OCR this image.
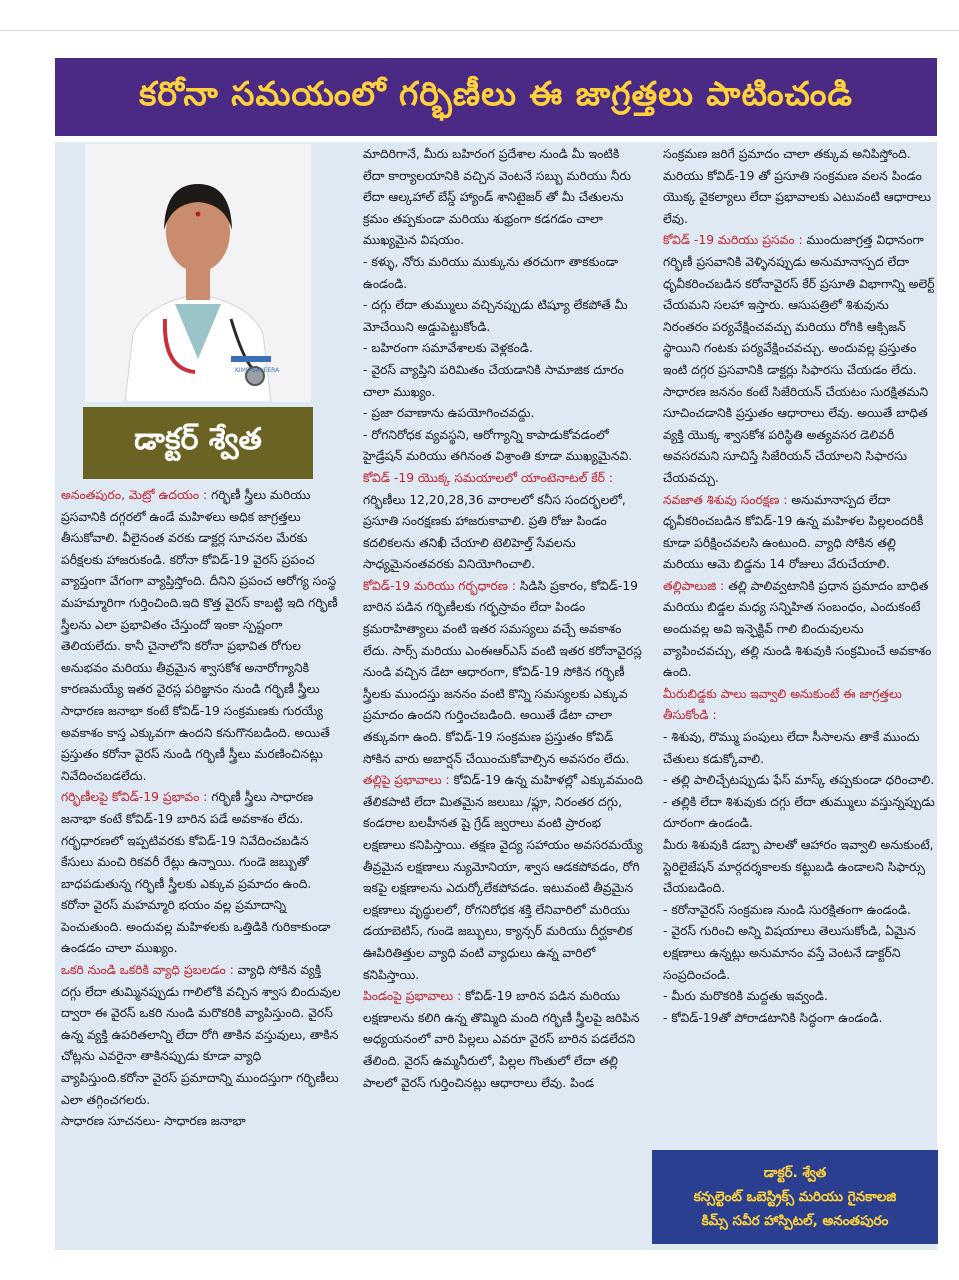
కరోనా సమయంలో గర్భిణీలు ఈ జాగ్రత్తలు పాటించండి
KIMS-SAVEERA
డాక్టర్ శ్వేత

అనంతపురం, మెట్రో ఉదయం : గర్భిణీ స్త్రీలు మరియు ప్రసవానికి దగ్గరలో ఉండే మహిళలు అధిక జాగ్రత్తలు తీసుకోవాలి. వీలైనంత వరకు డాక్టర్ల సూచనల మేరకు పరీక్షలకు హాజరుకండి. కరోనా కోవిడ్-19 వైరస్ ప్రపంచ వ్యాప్తంగా వేగంగా వ్యాప్తిస్తోంది. దీనిని ప్రపంచ ఆరోగ్య సంస్థ మహమ్మారిగా గుర్తించింది.ఇది కొత్త వైరస్ కాబట్టి ఇది గర్భిణీ స్త్రీలను ఎలా ప్రభావితం చేస్తుందో ఇంకా స్పష్టంగా తెలియలేదు. కానీ చైనాలోని కరోనా ప్రభావిత రోగుల అనుభవం మరియు తీవ్రమైన శ్వాసకోశ అనారోగ్యానికి కారణమయ్యే ఇతర వైరస్ల పరిజ్ఞానం నుండి గర్భిణీ స్త్రీలు సాధారణ జనాభా కంటే కోవిడ్-19 సంక్రమణకు గురయ్యే అవకాశం కాస్త ఎక్కువగా ఉందని కనుగొనబడింది. అయితే ప్రస్తుతం కరోనా వైరస్ నుండి గర్భిణీ స్త్రీలు మరణించినట్లు నివేదించబడలేదు.

గర్భిణీలపై కోవిడ్-19 ప్రభావం : గర్భిణీ స్త్రీలు సాధారణ జనాభా కంటే కోవిడ్-19 బారిన పడే అవకాశం లేదు. గర్భధారణలో ఇప్పటివరకు కోవిడ్-19 నివేదించబడిన కేసులు మంచి రికవరీ రేట్లు ఉన్నాయి. గుండె జబ్బుతో బాధపడుతున్న గర్భిణీ స్త్రీలకు ఎక్కువ ప్రమాదం ఉంది. కరోనా వైరస్ మహమ్మారి భయం వల్ల ప్రమాదాన్ని పెంచుతుంది. అందువల్ల మహిళలకు ఒత్తిడికి గురికాకుండా ఉండడం చాలా ముఖ్యం.

ఒకరి నుండి ఒకరికి వ్యాధి ప్రబలడం : వ్యాధి సోకిన వ్యక్తి దగ్గు లేదా తుమ్మినప్పుడు గాలిలోకి వచ్చిన శ్వాస బిందువుల ద్వారా ఈ వైరస్ ఒకరి నుండి మరొకరికి వ్యాపిస్తుంది. వైరస్ ఉన్న వ్యక్తి ఉపరితలాన్ని లేదా రోగి తాకిన వస్తువులు, తాకిన చోట్లను ఎవరైనా తాకినప్పుడు కూడా వ్యాధి వ్యాపిస్తుంది.కరోనా వైరస్ ప్రమాదాన్ని ముందస్తుగా గర్భిణీలు ఎలా తగ్గించగలరు.

సాధారణ సూచనలు- సాధారణ జనాభా

మాదిరిగానే, మీరు బహిరంగ ప్రదేశాల నుండి మీ ఇంటికి లేదా కార్యాలయానికి వచ్చిన వెంటనే సబ్బు మరియు నీరు లేదా ఆల్కహాల్ బేస్డ్ హ్యాండ్ శానిటైజర్ తో మీ చేతులను క్రమం తప్పకుండా మరియు శుభ్రంగా కడగడం చాలా ముఖ్యమైన విషయం.

- కళ్ళు, నోరు మరియు ముక్కును తరచుగా తాకకుండా ఉండండి.

- దగ్గు లేదా తుమ్ములు వచ్చినప్పుడు టిష్యూ లేకపోతే మీ మోచేయిని అడ్డుపెట్టుకోండి.

- బహిరంగా సమావేశాలకు వెళ్లకండి.

- వైరస్ వ్యాప్తిని పరిమితం చేయడానికి సామాజిక దూరం చాలా ముఖ్యం.

- ప్రజా రవాణాను ఉపయోగించవద్దు.

- రోగనిరోధక వ్యవస్థని, ఆరోగ్యాన్ని కాపాడుకోవడంలో హైడ్రేషన్ మరియు తగినంత విశ్రాంతి కూడా ముఖ్యమైనవి.

కోవిడ్ -19 యొక్క సమయాలలో యాంటెనాటల్ కేర్ : గర్భిణీలు 12,20,28,36 వారాలలో కనీస సందర్భలలో, ప్రసూతి సంరక్షణకు హాజరుకావాలి. ప్రతి రోజు పిండం కదలికలను తనిఖీ చేయాలి టెలిహెల్త్ సేవలను సాధ్యమైనంతవరకు వినియోగించాలి.

కోవిడ్-19 మరియు గర్భధారణ : సిడిసి ప్రకారం, కోవిడ్-19 బారిన పడిన గర్భిణీలకు గర్భస్రావం లేదా పిండం క్రమరాహిత్యాలు వంటి ఇతర సమస్యలు వచ్చే అవకాశం లేదు. సార్స్ మరియు ఎంఈఆర్ఎస్ వంటి ఇతర కరోనావైరస్ల నుండి వచ్చిన డేటా ఆధారంగా, కోవిడ్-19 సోకిన గర్భిణీ స్త్రీలకు ముందస్తు జననం వంటి కొన్ని సమస్యలకు ఎక్కువ ప్రమాదం ఉందని గుర్తించబడింది. అయితే డేటా చాలా తక్కువగా ఉంది. కోవిడ్-19 సంక్రమణ ప్రస్తుతం కోవిడ్ సోకిన వారు అబార్షన్ చేయించుకోవాల్సిన అవసరం లేదు.

తల్లిపై ప్రభావాలు : కోవిడ్-19 ఉన్న మహిళల్లో ఎక్కువమంది తేలికపాటి లేదా మితమైన జలుబు /ఫ్లూ, నిరంతర దగ్గు, కండరాల బలహీనత షై గ్రేడ్ జ్వరాలు వంటి ప్రారంభ లక్షణాలు కనిపిస్తాయి. తక్షణ వైద్య సహాయం అవసరమయ్యే తీవ్రమైన లక్షణాలు న్యుమోనియా, శ్వాస ఆడకపోవడం, రోగి ఇకపై లక్షణాలను ఎదుర్కోలేకపోవడం. ఇటువంటి తీవ్రమైన లక్షణాలు వృద్ధులలో, రోగనిరోధక శక్తి లేనివారిలో మరియు డయాబెటిస్, గుండె జబ్బులు, క్యాన్సర్ మరియు దీర్ఘకాలిక ఊపిరితిత్తుల వ్యాధి వంటి వ్యాధులు ఉన్న వారిలో కనిపిస్తాయి.

పిండంపై ప్రభావాలు : కోవిడ్-19 బారిన పడిన మరియు లక్షణాలను కలిగి ఉన్న తొమ్మిది మంది గర్భిణీ స్త్రీలపై జరిపిన అధ్యయనంలో వారి పిల్లలు ఎవరూ వైరస్ బారిన పడలేదని తేలింది. వైరస్ ఉమ్మనీరులో, పిల్లల గొంతులో లేదా తల్లి పాలలో వైరస్ గుర్తించినట్లు ఆధారాలు లేవు. పిండ

సంక్రమణ జరిగే ప్రమాదం చాలా తక్కువ అనిపిస్తోంది. మరియు కోవిడ్-19 తో ప్రసూతి సంక్రమణ వలన పిండం యొక్క వైకల్యాలు లేదా ప్రభావాలకు ఎటువంటి ఆధారాలు లేవు.

కోవిడ్ -19 మరియు ప్రసవం : ముందుజాగ్రత్త విధానంగా గర్భిణీ ప్రసవానికి వెళ్ళినప్పుడు అనుమానాస్పద లేదా ధృవీకరించబడిన కరోనావైరస్ కేర్ ప్రసూతి విభాగాన్ని అలెర్ట్ చేయమని సలహా ఇస్తారు. ఆసుపత్రిలో శిశువును నిరంతరం పర్యవేక్షించవచ్చు మరియు రోగికి ఆక్సిజన్ స్థాయిని గంటకు పర్యవేక్షించవచ్చు. అందువల్ల ప్రస్తుతం ఇంటి దగ్గర ప్రసవానికి డాక్టర్లు సిఫారసు చేయడం లేదు. సాధారణ జననం కంటే సిజేరియన్ చేయటం సురక్షితమని సూచించడానికి ప్రస్తుతం ఆధారాలు లేవు. అయితే బాధిత వ్యక్తి యొక్క శ్వాసకోశ పరిస్థితి అత్యవసర డెలివరీ అవసరమని సూచిస్తే సిజేరియన్ చేయాలని సిఫారసు చేయవచ్చు.

నవజాత శిశువు సంరక్షణ : అనుమానాస్పద లేదా ధృవీకరించబడిన కోవిడ్-19 ఉన్న మహిళల పిల్లలందరికీ కూడా పరీక్షించవలసి ఉంటుంది. వ్యాధి సోకిన తల్లి మరియు ఆమె బిడ్డను 14 రోజులు వేరుచేయాలి.

తల్లిపాలుజి : తల్లి పాలివ్వటానికి ప్రధాన ప్రమాదం బాధిత మరియు బిడ్డల మధ్య సన్నిహిత సంబంధం, ఎందుకంటే అందువల్ల అవి ఇన్ఫెక్టివ్ గాలి బిందువులను వ్యాపించవచ్చు, తల్లి నుండి శిశువుకి సంక్రమించే అవకాశం ఉంది.

మీరుబిడ్డకు పాలు ఇవ్వాలి అనుకుంటే ఈ జాగ్రత్తలు తీసుకోండి :

- శిశువు, రొమ్ము పంపులు లేదా సీసాలను తాకే ముందు చేతులు కడుక్కోవాలి.

- తల్లి పాలిచ్చేటప్పుడు ఫేస్ మాస్క్ తప్పకుండా ధరించాలి.

- తల్లికి లేదా శిశువుకు దగ్గు లేదా తుమ్ములు వస్తున్నప్పుడు దూరంగా ఉండండి.

మీరు శిశువుకి డబ్బా పాలతో ఆహారం ఇవ్వాలి అనుకుంటే, స్టెరిలైజేషన్ మార్గదర్శకాలకు కట్టుబడి ఉండాలని సిఫార్సు చేయబడింది.

- కరోనావైరస్ సంక్రమణ నుండి సురక్షితంగా ఉండండి.

- వైరస్ గురించి అన్ని విషయాలు తెలుసుకోండి, ఏమైన లక్షణాలు ఉన్నట్లు అనుమానం వస్తే వెంటనే డాక్టర్‌ని సంప్రదించండి.

- మీరు మరొకరికి మద్దతు ఇవ్వండి.

- కోవిడ్-19తో పోరాడటానికి సిద్ధంగా ఉండండి.

డాక్టర్. శ్వేత
కన్సల్టెంట్ ఒబెస్ట్రిక్స్ మరియు గైనకాలజి
కిమ్స్ సవీర హాస్పిటల్, అనంతపురం
